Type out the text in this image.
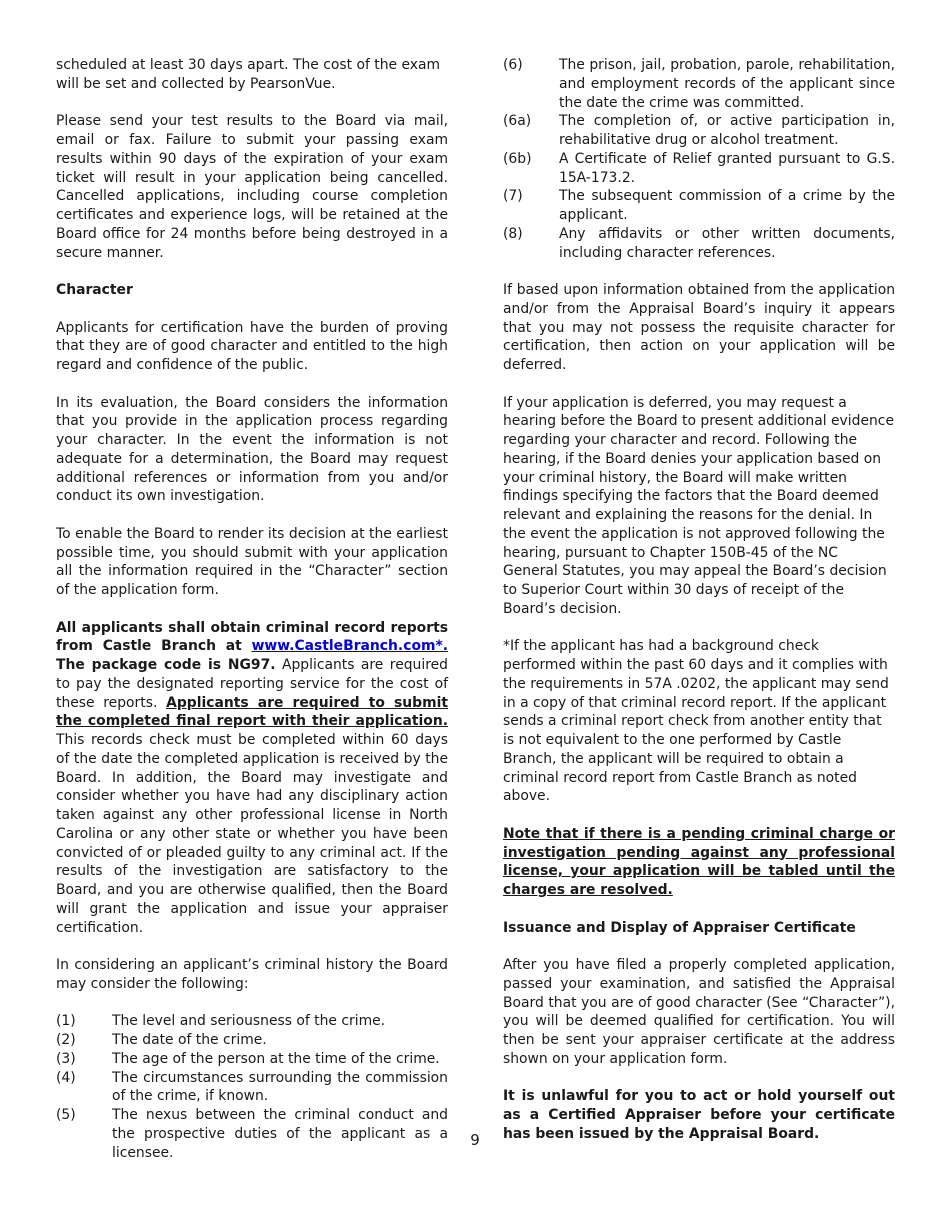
scheduled at least 30 days apart. The cost of the exam will be set and collected by PearsonVue.

Please send your test results to the Board via mail, email or fax. Failure to submit your passing exam results within 90 days of the expiration of your exam ticket will result in your application being cancelled. Cancelled applications, including course completion certificates and experience logs, will be retained at the Board office for 24 months before being destroyed in a secure manner.

Character

Applicants for certification have the burden of proving that they are of good character and entitled to the high regard and confidence of the public.

In its evaluation, the Board considers the information that you provide in the application process regarding your character. In the event the information is not adequate for a determination, the Board may request additional references or information from you and/or conduct its own investigation.

To enable the Board to render its decision at the earliest possible time, you should submit with your application all the information required in the “Character” section of the application form.

All applicants shall obtain criminal record reports from Castle Branch at www.CastleBranch.com*. The package code is NG97. Applicants are required to pay the designated reporting service for the cost of these reports. Applicants are required to submit the completed final report with their application. This records check must be completed within 60 days of the date the completed application is received by the Board. In addition, the Board may investigate and consider whether you have had any disciplinary action taken against any other professional license in North Carolina or any other state or whether you have been convicted of or pleaded guilty to any criminal act. If the results of the investigation are satisfactory to the Board, and you are otherwise qualified, then the Board will grant the application and issue your appraiser certification.

In considering an applicant’s criminal history the Board may consider the following:

(1)	The level and seriousness of the crime.
(2)	The date of the crime.
(3)	The age of the person at the time of the crime.
(4)	The circumstances surrounding the commission of the crime, if known.
(5)	The nexus between the criminal conduct and the prospective duties of the applicant as a licensee.
(6)	The prison, jail, probation, parole, rehabilitation, and employment records of the applicant since the date the crime was committed.
(6a)	The completion of, or active participation in, rehabilitative drug or alcohol treatment.
(6b)	A Certificate of Relief granted pursuant to G.S. 15A-173.2.
(7)	The subsequent commission of a crime by the applicant.
(8)	Any affidavits or other written documents, including character references.

If based upon information obtained from the application and/or from the Appraisal Board’s inquiry it appears that you may not possess the requisite character for certification, then action on your application will be deferred.

If your application is deferred, you may request a hearing before the Board to present additional evidence regarding your character and record. Following the hearing, if the Board denies your application based on your criminal history, the Board will make written findings specifying the factors that the Board deemed relevant and explaining the reasons for the denial. In the event the application is not approved following the hearing, pursuant to Chapter 150B-45 of the NC General Statutes, you may appeal the Board’s decision to Superior Court within 30 days of receipt of the Board’s decision.

*If the applicant has had a background check performed within the past 60 days and it complies with the requirements in 57A .0202, the applicant may send in a copy of that criminal record report. If the applicant sends a criminal report check from another entity that is not equivalent to the one performed by Castle Branch, the applicant will be required to obtain a criminal record report from Castle Branch as noted above.

Note that if there is a pending criminal charge or investigation pending against any professional license, your application will be tabled until the charges are resolved.

Issuance and Display of Appraiser Certificate

After you have filed a properly completed application, passed your examination, and satisfied the Appraisal Board that you are of good character (See “Character”), you will be deemed qualified for certification. You will then be sent your appraiser certificate at the address shown on your application form.

It is unlawful for you to act or hold yourself out as a Certified Appraiser before your certificate has been issued by the Appraisal Board.

9
